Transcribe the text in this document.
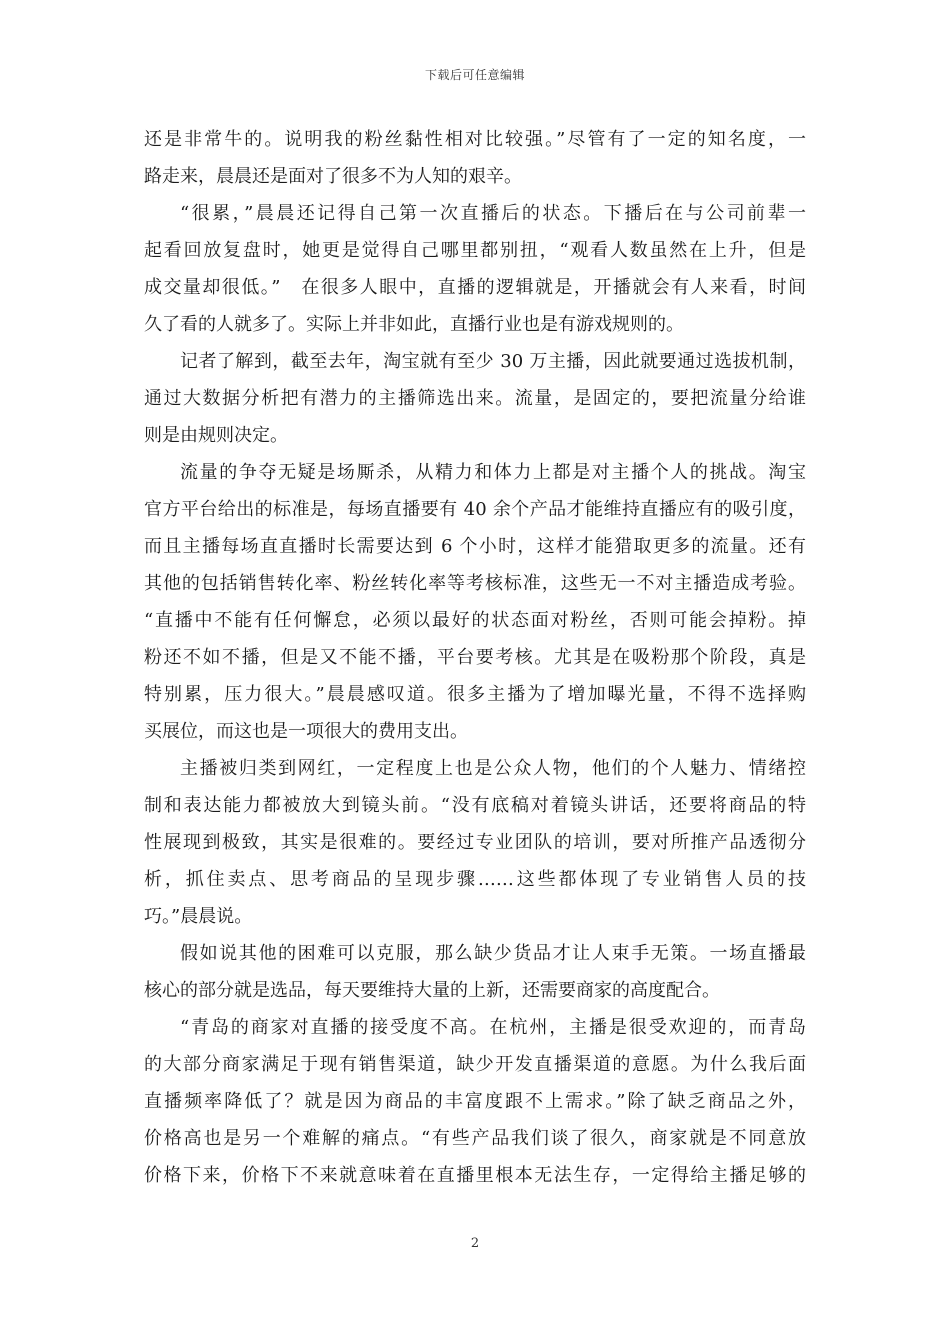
下载后可任意编辑
还是非常牛的。说明我的粉丝黏性相对比较强。”尽管有了一定的知名度，一
路走来，晨晨还是面对了很多不为人知的艰辛。
“很累，”晨晨还记得自己第一次直播后的状态。下播后在与公司前辈一
起看回放复盘时，她更是觉得自己哪里都别扭，“观看人数虽然在上升，但是
成交量却很低。”　在很多人眼中，直播的逻辑就是，开播就会有人来看，时间
久了看的人就多了。实际上并非如此，直播行业也是有游戏规则的。
记者了解到，截至去年，淘宝就有至少 30 万主播，因此就要通过选拔机制，
通过大数据分析把有潜力的主播筛选出来。流量，是固定的，要把流量分给谁
则是由规则决定。
流量的争夺无疑是场厮杀，从精力和体力上都是对主播个人的挑战。淘宝
官方平台给出的标准是，每场直播要有 40 余个产品才能维持直播应有的吸引度，
而且主播每场直直播时长需要达到 6 个小时，这样才能猎取更多的流量。还有
其他的包括销售转化率、粉丝转化率等考核标准，这些无一不对主播造成考验。
“直播中不能有任何懈怠，必须以最好的状态面对粉丝，否则可能会掉粉。掉
粉还不如不播，但是又不能不播，平台要考核。尤其是在吸粉那个阶段，真是
特别累，压力很大。”晨晨感叹道。很多主播为了增加曝光量，不得不选择购
买展位，而这也是一项很大的费用支出。
主播被归类到网红，一定程度上也是公众人物，他们的个人魅力、情绪控
制和表达能力都被放大到镜头前。“没有底稿对着镜头讲话，还要将商品的特
性展现到极致，其实是很难的。要经过专业团队的培训，要对所推产品透彻分
析，抓住卖点、思考商品的呈现步骤……这些都体现了专业销售人员的技
巧。”晨晨说。
假如说其他的困难可以克服，那么缺少货品才让人束手无策。一场直播最
核心的部分就是选品，每天要维持大量的上新，还需要商家的高度配合。
“青岛的商家对直播的接受度不高。在杭州，主播是很受欢迎的，而青岛
的大部分商家满足于现有销售渠道，缺少开发直播渠道的意愿。为什么我后面
直播频率降低了？就是因为商品的丰富度跟不上需求。”除了缺乏商品之外，
价格高也是另一个难解的痛点。“有些产品我们谈了很久，商家就是不同意放
价格下来，价格下不来就意味着在直播里根本无法生存，一定得给主播足够的
2
